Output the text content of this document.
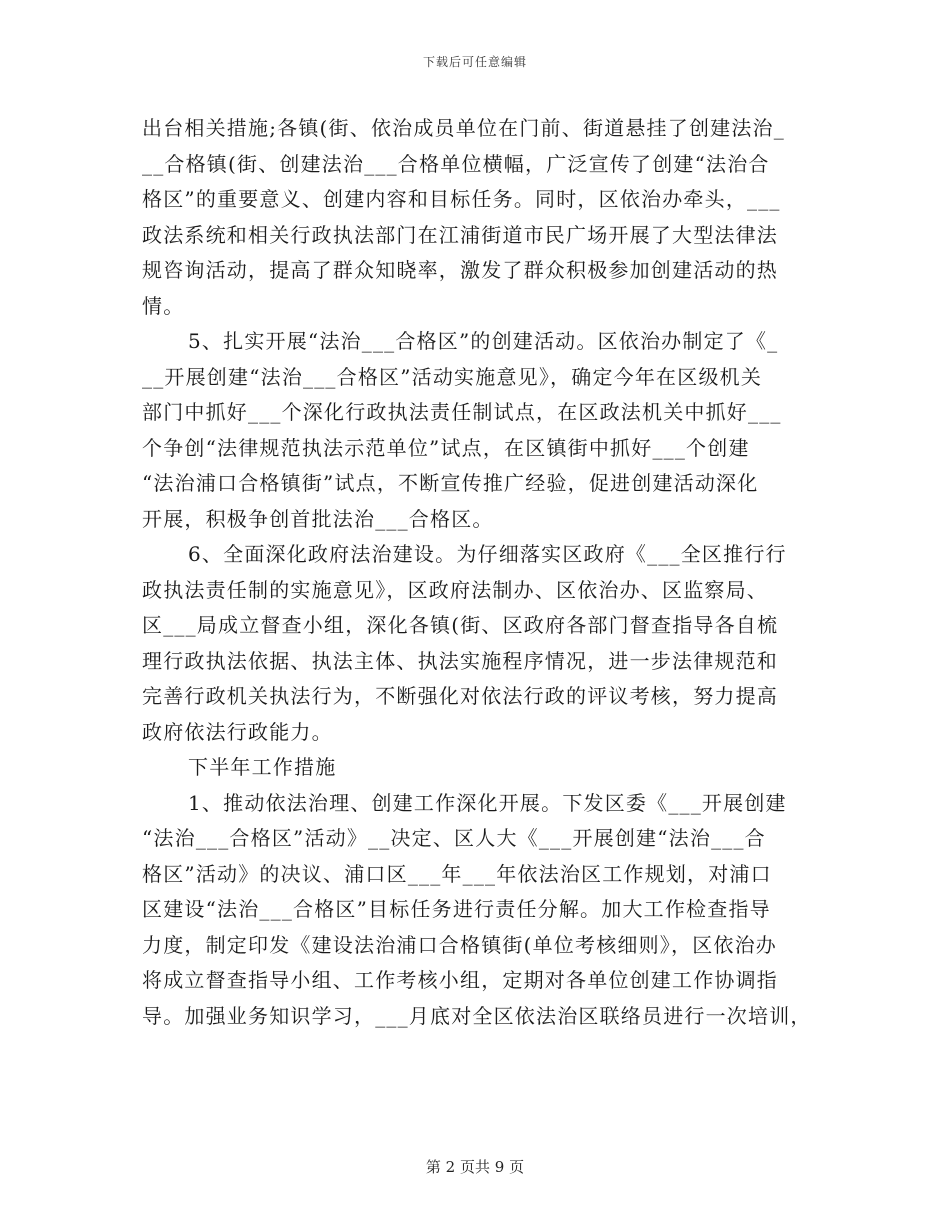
下载后可任意编辑
出台相关措施;各镇(街、依治成员单位在门前、街道悬挂了创建法治_
__合格镇(街、创建法治___合格单位横幅，广泛宣传了创建“法治合
格区”的重要意义、创建内容和目标任务。同时，区依治办牵头，___
政法系统和相关行政执法部门在江浦街道市民广场开展了大型法律法
规咨询活动，提高了群众知晓率，激发了群众积极参加创建活动的热
情。
5、扎实开展“法治___合格区”的创建活动。区依治办制定了《_
__开展创建“法治___合格区”活动实施意见》，确定今年在区级机关
部门中抓好___个深化行政执法责任制试点，在区政法机关中抓好___
个争创“法律规范执法示范单位”试点，在区镇街中抓好___个创建
“法治浦口合格镇街”试点，不断宣传推广经验，促进创建活动深化
开展，积极争创首批法治___合格区。
6、全面深化政府法治建设。为仔细落实区政府《___全区推行行
政执法责任制的实施意见》，区政府法制办、区依治办、区监察局、
区___局成立督查小组，深化各镇(街、区政府各部门督查指导各自梳
理行政执法依据、执法主体、执法实施程序情况，进一步法律规范和
完善行政机关执法行为，不断强化对依法行政的评议考核，努力提高
政府依法行政能力。
下半年工作措施
1、推动依法治理、创建工作深化开展。下发区委《___开展创建
“法治___合格区”活动》__决定、区人大《___开展创建“法治___合
格区”活动》的决议、浦口区___年___年依法治区工作规划，对浦口
区建设“法治___合格区”目标任务进行责任分解。加大工作检查指导
力度，制定印发《建设法治浦口合格镇街(单位考核细则》，区依治办
将成立督查指导小组、工作考核小组，定期对各单位创建工作协调指
导。加强业务知识学习，___月底对全区依法治区联络员进行一次培训，
第 2 页共 9 页
